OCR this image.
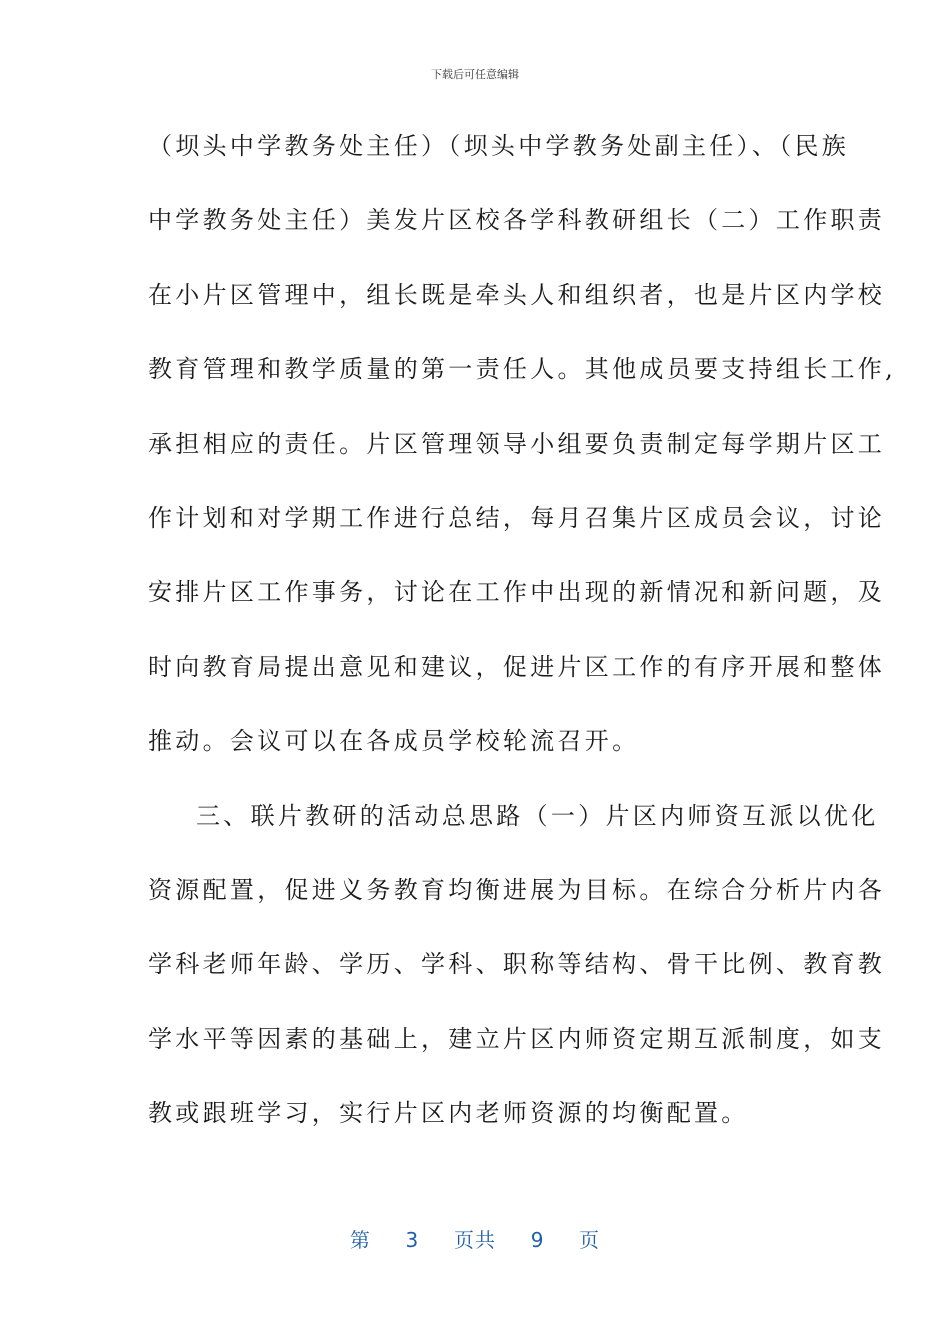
下载后可任意编辑
（坝头中学教务处主任）（坝头中学教务处副主任）、（民族
中学教务处主任）美发片区校各学科教研组长（二）工作职责
在小片区管理中，组长既是牵头人和组织者，也是片区内学校
教育管理和教学质量的第一责任人。其他成员要支持组长工作,
承担相应的责任。片区管理领导小组要负责制定每学期片区工
作计划和对学期工作进行总结，每月召集片区成员会议，讨论
安排片区工作事务，讨论在工作中出现的新情况和新问题，及
时向教育局提出意见和建议，促进片区工作的有序开展和整体
推动。会议可以在各成员学校轮流召开。
三、联片教研的活动总思路（一）片区内师资互派以优化
资源配置，促进义务教育均衡进展为目标。在综合分析片内各
学科老师年龄、学历、学科、职称等结构、骨干比例、教育教
学水平等因素的基础上，建立片区内师资定期互派制度，如支
教或跟班学习，实行片区内老师资源的均衡配置。
第 3 页共 9 页
